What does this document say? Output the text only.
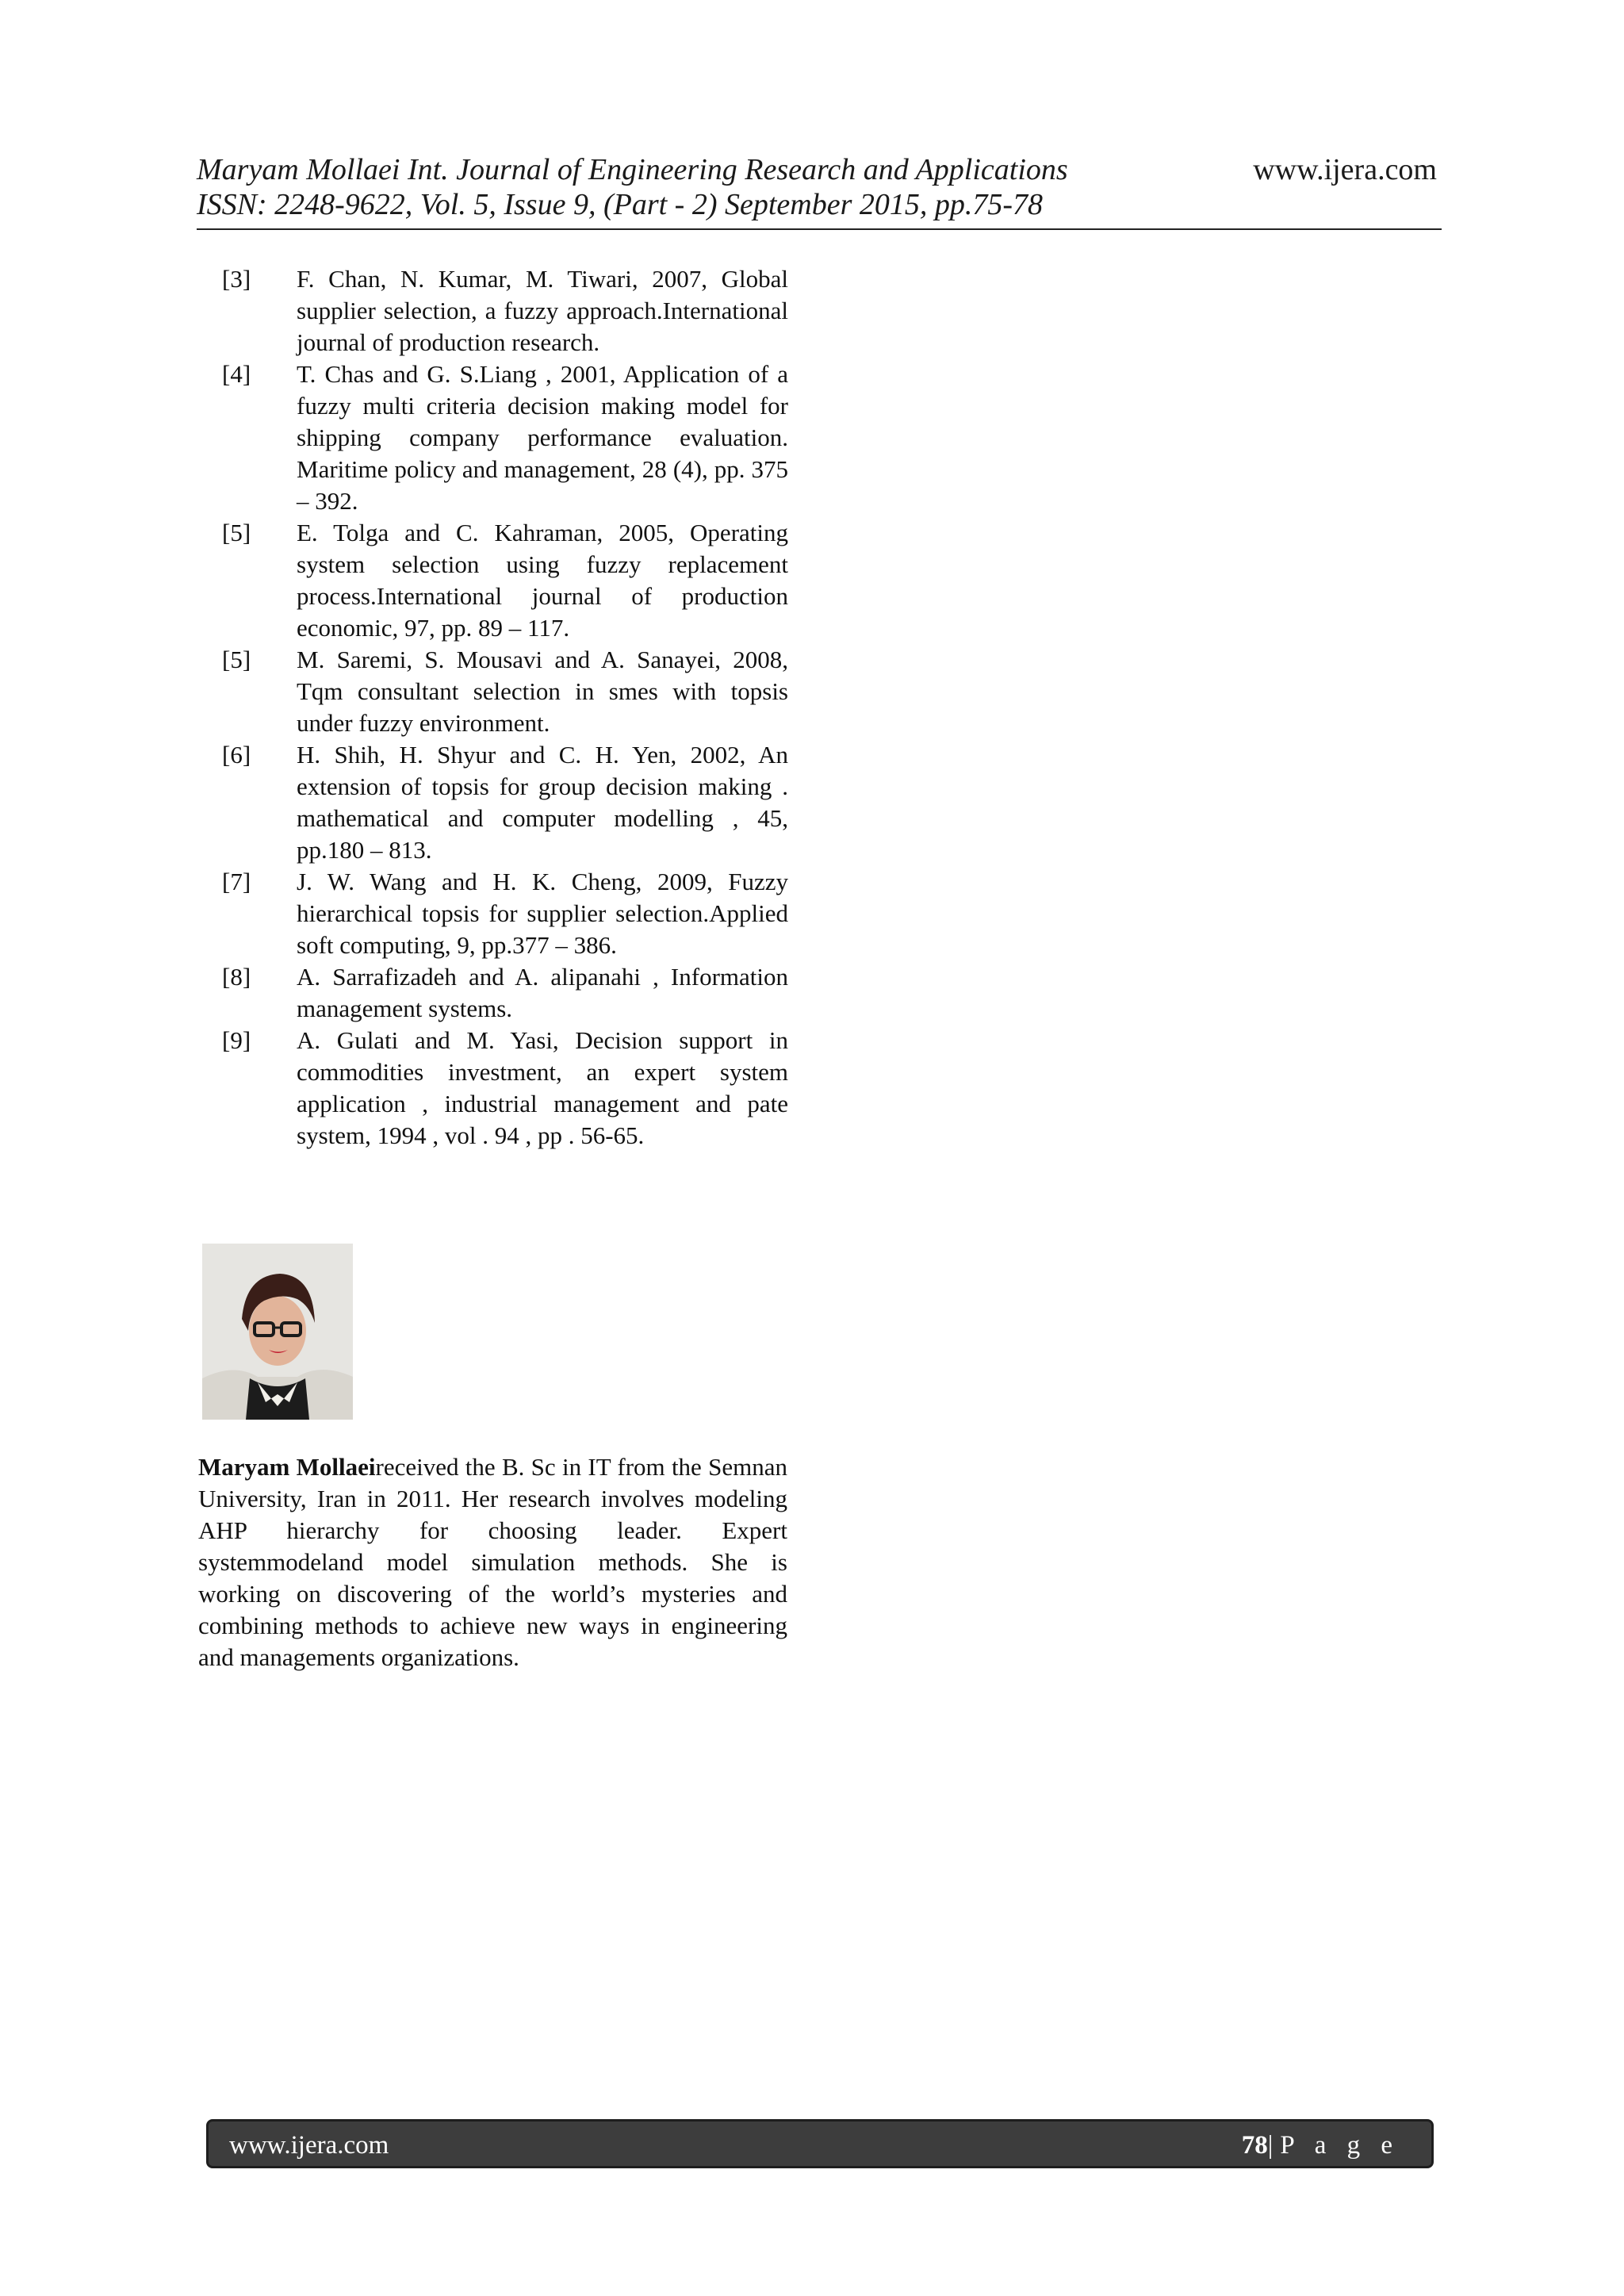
Maryam Mollaei Int. Journal of Engineering Research and Applications
ISSN: 2248-9622, Vol. 5, Issue 9, (Part - 2) September 2015, pp.75-78
www.ijera.com
[3]	F. Chan, N. Kumar, M. Tiwari, 2007, Global supplier selection, a fuzzy approach.International journal of production research.
[4]	T. Chas and G. S.Liang , 2001, Application of a fuzzy multi criteria decision making model for shipping company performance evaluation. Maritime policy and management, 28 (4), pp. 375 – 392.
[5]	E. Tolga and C. Kahraman, 2005, Operating system selection using fuzzy replacement process.International journal of production economic, 97, pp. 89 – 117.
[5]	M. Saremi, S. Mousavi and A. Sanayei, 2008, Tqm consultant selection in smes with topsis under fuzzy environment.
[6]	H. Shih, H. Shyur and C. H. Yen, 2002, An extension of topsis for group decision making . mathematical and computer modelling , 45, pp.180 – 813.
[7]	J. W. Wang and H. K. Cheng, 2009, Fuzzy hierarchical topsis for supplier selection.Applied soft computing, 9, pp.377 – 386.
[8]	A. Sarrafizadeh and A. alipanahi , Information management systems.
[9]	A. Gulati and M. Yasi, Decision support in commodities investment, an expert system application , industrial management and pate system, 1994 , vol . 94 , pp . 56-65.
Maryam Mollaeireceived the B. Sc in IT from the Semnan University, Iran in 2011. Her research involves modeling AHP hierarchy for choosing leader. Expert systemmodeland model simulation methods. She is working on discovering of the world’s mysteries and combining methods to achieve new ways in engineering and managements organizations.
www.ijera.com	78|P a g e
